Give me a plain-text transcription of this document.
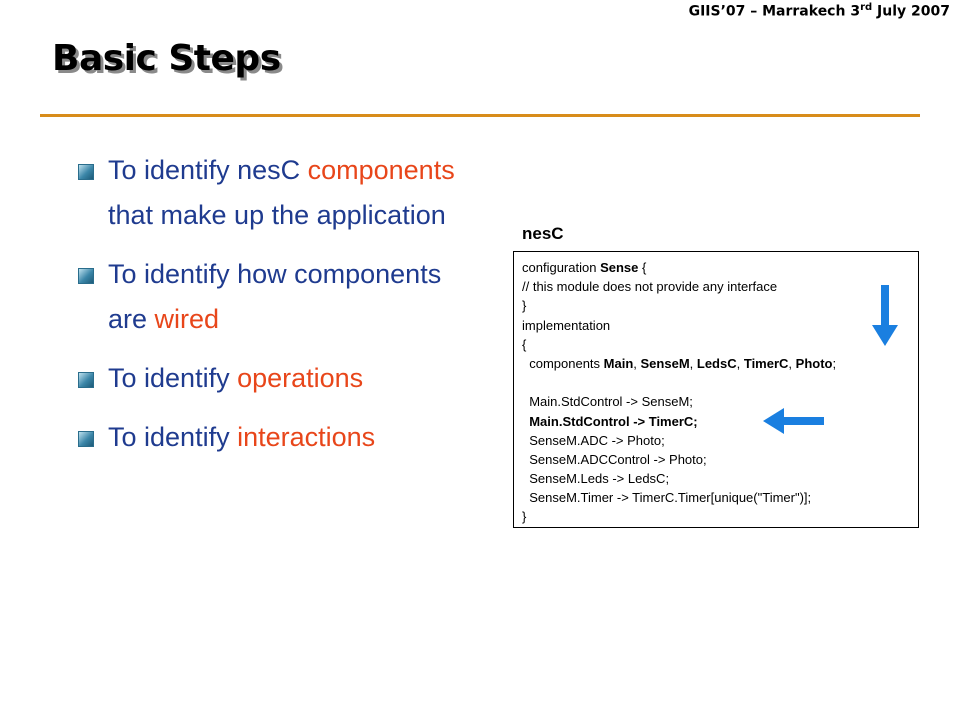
GIIS’07 – Marrakech 3rd July 2007
Basic Steps
To identify nesC components that make up the application
To identify how components are wired
To identify operations
To identify interactions
nesC
configuration Sense {
// this module does not provide any interface
}
implementation
{
components Main, SenseM, LedsC, TimerC, Photo;
Main.StdControl -> SenseM;
Main.StdControl -> TimerC;
SenseM.ADC -> Photo;
SenseM.ADCControl -> Photo;
SenseM.Leds -> LedsC;
SenseM.Timer -> TimerC.Timer[unique("Timer")];
}
